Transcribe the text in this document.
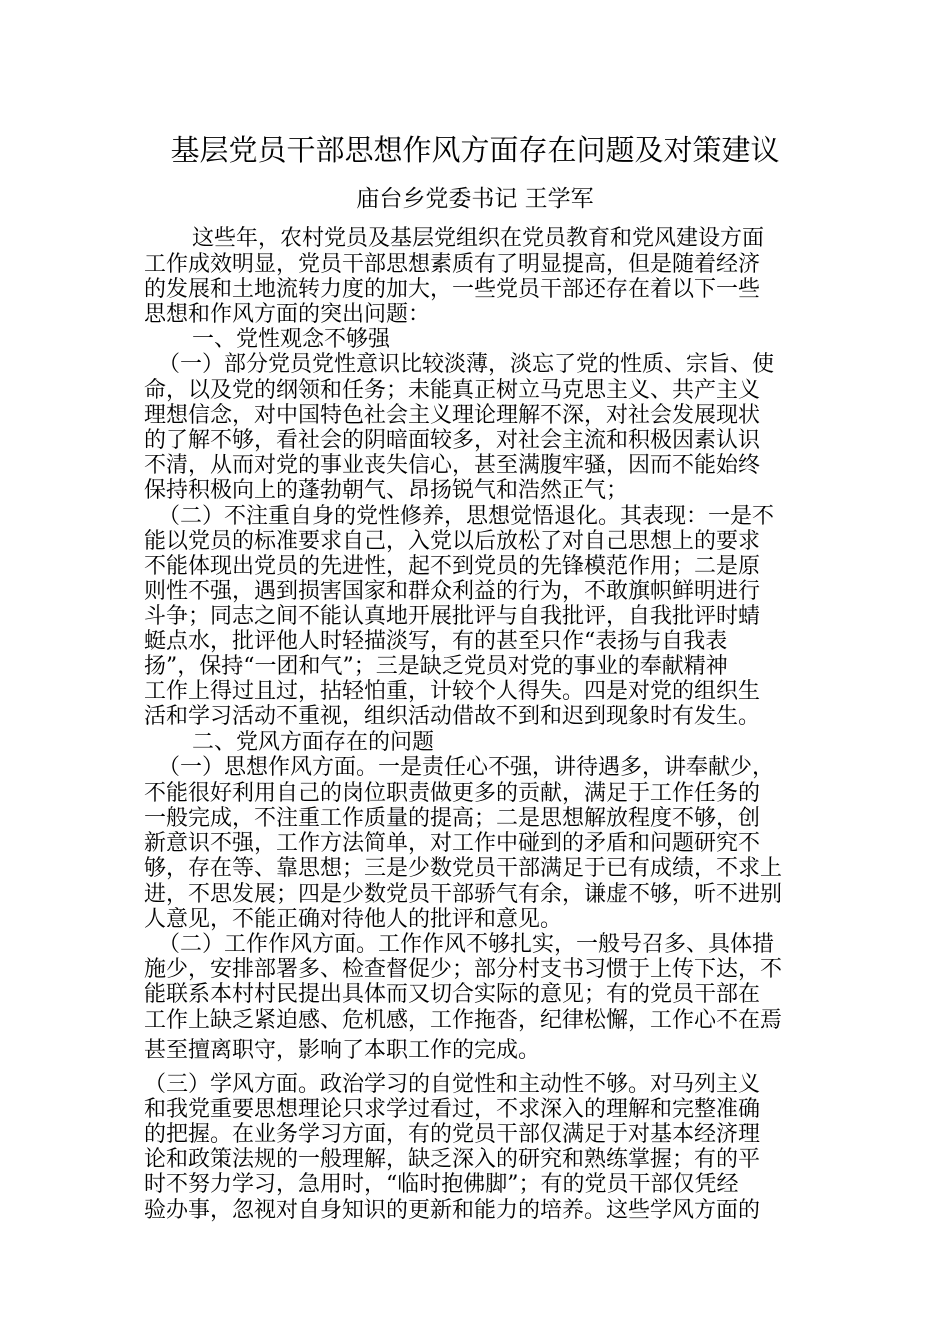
基层党员干部思想作风方面存在问题及对策建议
庙台乡党委书记 王学军
　这些年，农村党员及基层党组织在党员教育和党风建设方面
工作成效明显，党员干部思想素质有了明显提高，但是随着经济
的发展和土地流转力度的加大，一些党员干部还存在着以下一些
思想和作风方面的突出问题：
　一、党性观念不够强
（一）部分党员党性意识比较淡薄，淡忘了党的性质、宗旨、使
命，以及党的纲领和任务；未能真正树立马克思主义、共产主义
理想信念，对中国特色社会主义理论理解不深，对社会发展现状
的了解不够，看社会的阴暗面较多，对社会主流和积极因素认识
不清，从而对党的事业丧失信心，甚至满腹牢骚，因而不能始终
保持积极向上的蓬勃朝气、昂扬锐气和浩然正气；
（二）不注重自身的党性修养，思想觉悟退化。其表现：一是不
能以党员的标准要求自己，入党以后放松了对自己思想上的要求
不能体现出党员的先进性，起不到党员的先锋模范作用；二是原
则性不强，遇到损害国家和群众利益的行为，不敢旗帜鲜明进行
斗争；同志之间不能认真地开展批评与自我批评，自我批评时蜻
蜓点水，批评他人时轻描淡写，有的甚至只作“表扬与自我表
扬”，保持“一团和气”；三是缺乏党员对党的事业的奉献精神
工作上得过且过，拈轻怕重，计较个人得失。四是对党的组织生
活和学习活动不重视，组织活动借故不到和迟到现象时有发生。
　二、党风方面存在的问题
（一）思想作风方面。一是责任心不强，讲待遇多，讲奉献少，
不能很好利用自己的岗位职责做更多的贡献，满足于工作任务的
一般完成，不注重工作质量的提高；二是思想解放程度不够，创
新意识不强，工作方法简单，对工作中碰到的矛盾和问题研究不
够，存在等、靠思想；三是少数党员干部满足于已有成绩，不求上
进，不思发展；四是少数党员干部骄气有余，谦虚不够，听不进别
人意见，不能正确对待他人的批评和意见。
（二）工作作风方面。工作作风不够扎实，一般号召多、具体措
施少，安排部署多、检查督促少；部分村支书习惯于上传下达，不
能联系本村村民提出具体而又切合实际的意见；有的党员干部在
工作上缺乏紧迫感、危机感，工作拖沓，纪律松懈，工作心不在焉
甚至擅离职守，影响了本职工作的完成。
（三）学风方面。政治学习的自觉性和主动性不够。对马列主义
和我党重要思想理论只求学过看过，不求深入的理解和完整准确
的把握。在业务学习方面，有的党员干部仅满足于对基本经济理
论和政策法规的一般理解，缺乏深入的研究和熟练掌握；有的平
时不努力学习，急用时，“临时抱佛脚”；有的党员干部仅凭经
验办事，忽视对自身知识的更新和能力的培养。这些学风方面的
